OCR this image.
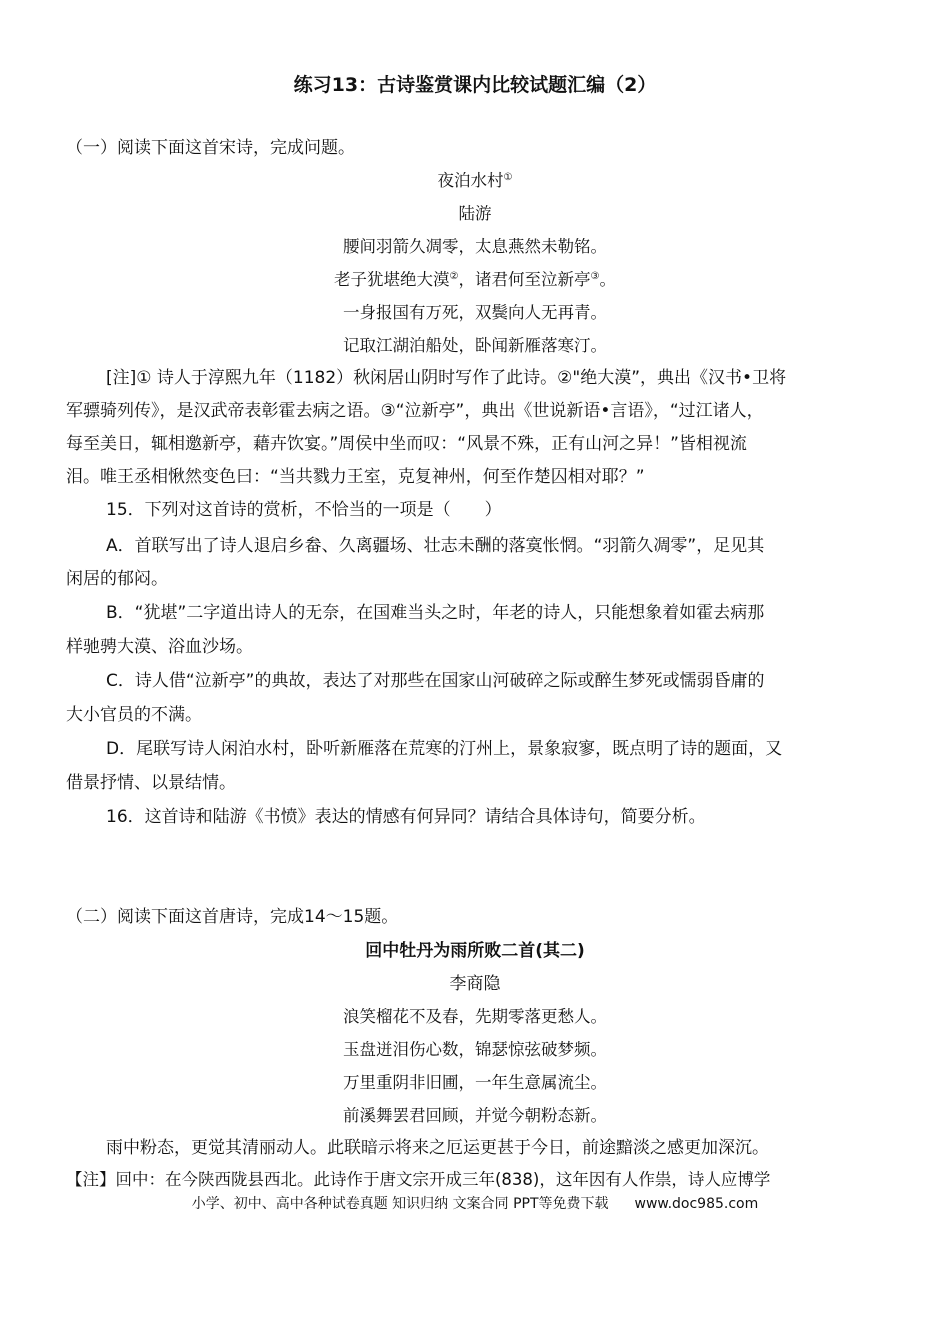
练习13：古诗鉴赏课内比较试题汇编（2）
（一）阅读下面这首宋诗，完成问题。
夜泊水村①
陆游
腰间羽箭久凋零，太息燕然未勒铭。
老子犹堪绝大漠②，诸君何至泣新亭③。
一身报国有万死，双鬓向人无再青。
记取江湖泊船处，卧闻新雁落寒汀。
[注]① 诗人于淳熙九年（1182）秋闲居山阴时写作了此诗。②"绝大漠”，典出《汉书•卫将
军骠骑列传》，是汉武帝表彰霍去病之语。③“泣新亭”，典出《世说新语•言语》，“过江诸人，
每至美日，辄相邀新亭，藉卉饮宴。”周侯中坐而叹：“风景不殊，正有山河之异！”皆相视流
泪。唯王丞相愀然变色曰：“当共戮力王室，克复神州，何至作楚囚相对耶？”
15．下列对这首诗的赏析，不恰当的一项是（　　）
A．首联写出了诗人退启乡畚、久离疆场、壮志未酬的落寞怅惘。“羽箭久凋零”，足见其
闲居的郁闷。
B．“犹堪”二字道出诗人的无奈，在国难当头之时，年老的诗人，只能想象着如霍去病那
样驰骋大漠、浴血沙场。
C．诗人借“泣新亭”的典故，表达了对那些在国家山河破碎之际或醉生梦死或懦弱昏庸的
大小官员的不满。
D．尾联写诗人闲泊水村，卧听新雁落在荒寒的汀州上，景象寂寥，既点明了诗的题面，又
借景抒情、以景结情。
16．这首诗和陆游《书愤》表达的情感有何异同？请结合具体诗句，简要分析。
（二）阅读下面这首唐诗，完成14～15题。
回中牡丹为雨所败二首(其二)
李商隐
浪笑榴花不及春，先期零落更愁人。
玉盘迸泪伤心数，锦瑟惊弦破梦频。
万里重阴非旧圃，一年生意属流尘。
前溪舞罢君回顾，并觉今朝粉态新。
雨中粉态，更觉其清丽动人。此联暗示将来之厄运更甚于今日，前途黯淡之感更加深沉。
【注】回中：在今陕西陇县西北。此诗作于唐文宗开成三年(838)，这年因有人作祟，诗人应博学
小学、初中、高中各种试卷真题 知识归纳 文案合同 PPT等免费下载 www.doc985.com
